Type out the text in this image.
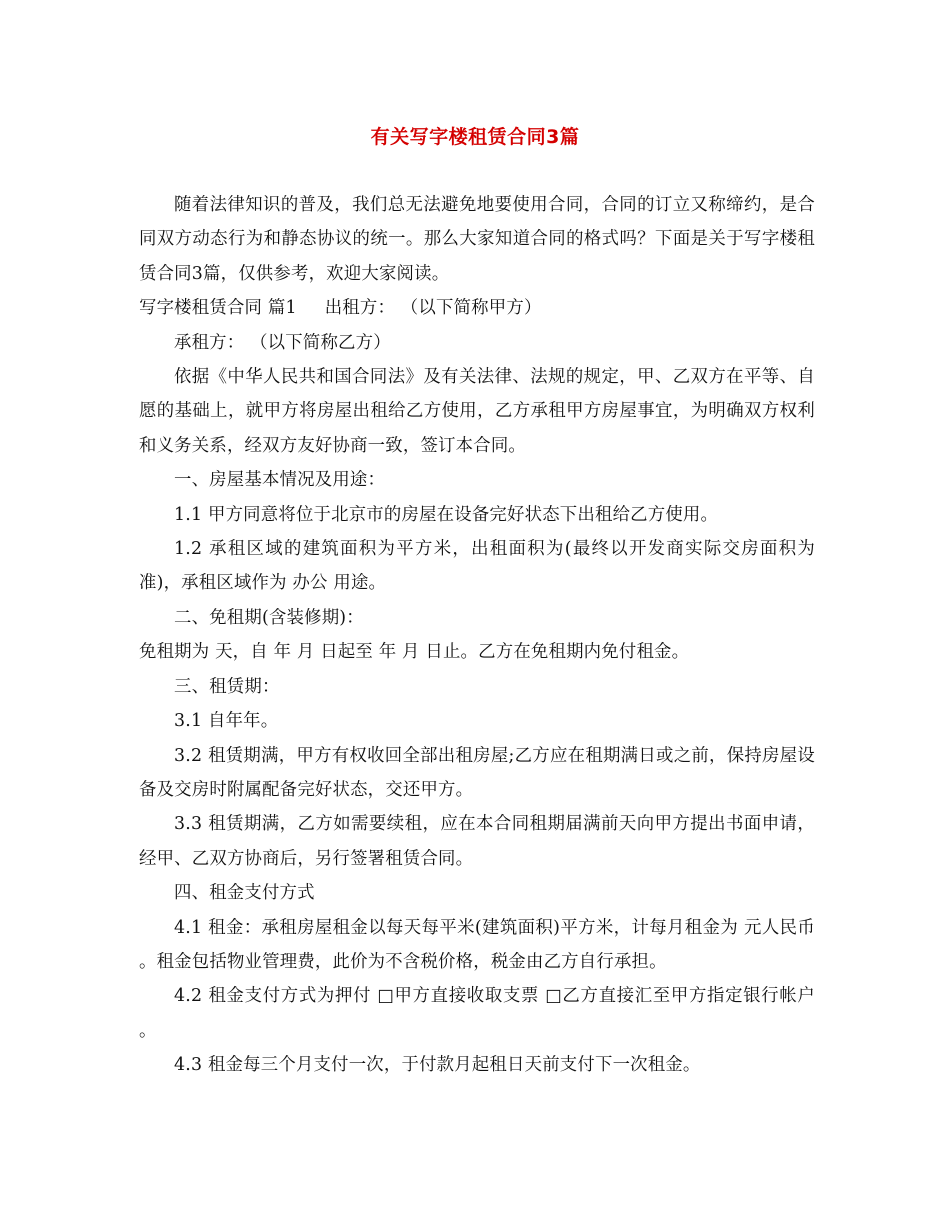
有关写字楼租赁合同3篇

随着法律知识的普及，我们总无法避免地要使用合同，合同的订立又称缔约，是合同双方动态行为和静态协议的统一。那么大家知道合同的格式吗？下面是关于写字楼租赁合同3篇，仅供参考，欢迎大家阅读。

写字楼租赁合同 篇1 出租方： （以下简称甲方）

承租方： （以下简称乙方）

依据《中华人民共和国合同法》及有关法律、法规的规定，甲、乙双方在平等、自愿的基础上，就甲方将房屋出租给乙方使用，乙方承租甲方房屋事宜，为明确双方权利和义务关系，经双方友好协商一致，签订本合同。

一、房屋基本情况及用途：

1.1 甲方同意将位于北京市的房屋在设备完好状态下出租给乙方使用。

1.2 承租区域的建筑面积为平方米，出租面积为(最终以开发商实际交房面积为准)，承租区域作为 办公 用途。

二、免租期(含装修期)：

免租期为 天，自 年 月 日起至 年 月 日止。乙方在免租期内免付租金。

三、租赁期：

3.1 自年年。

3.2 租赁期满，甲方有权收回全部出租房屋;乙方应在租期满日或之前，保持房屋设备及交房时附属配备完好状态，交还甲方。

3.3 租赁期满，乙方如需要续租，应在本合同租期届满前天向甲方提出书面申请，经甲、乙双方协商后，另行签署租赁合同。

四、租金支付方式

4.1 租金：承租房屋租金以每天每平米(建筑面积)平方米，计每月租金为 元人民币 。租金包括物业管理费，此价为不含税价格，税金由乙方自行承担。

4.2 租金支付方式为押付 □甲方直接收取支票 □乙方直接汇至甲方指定银行帐户 。

4.3 租金每三个月支付一次，于付款月起租日天前支付下一次租金。
